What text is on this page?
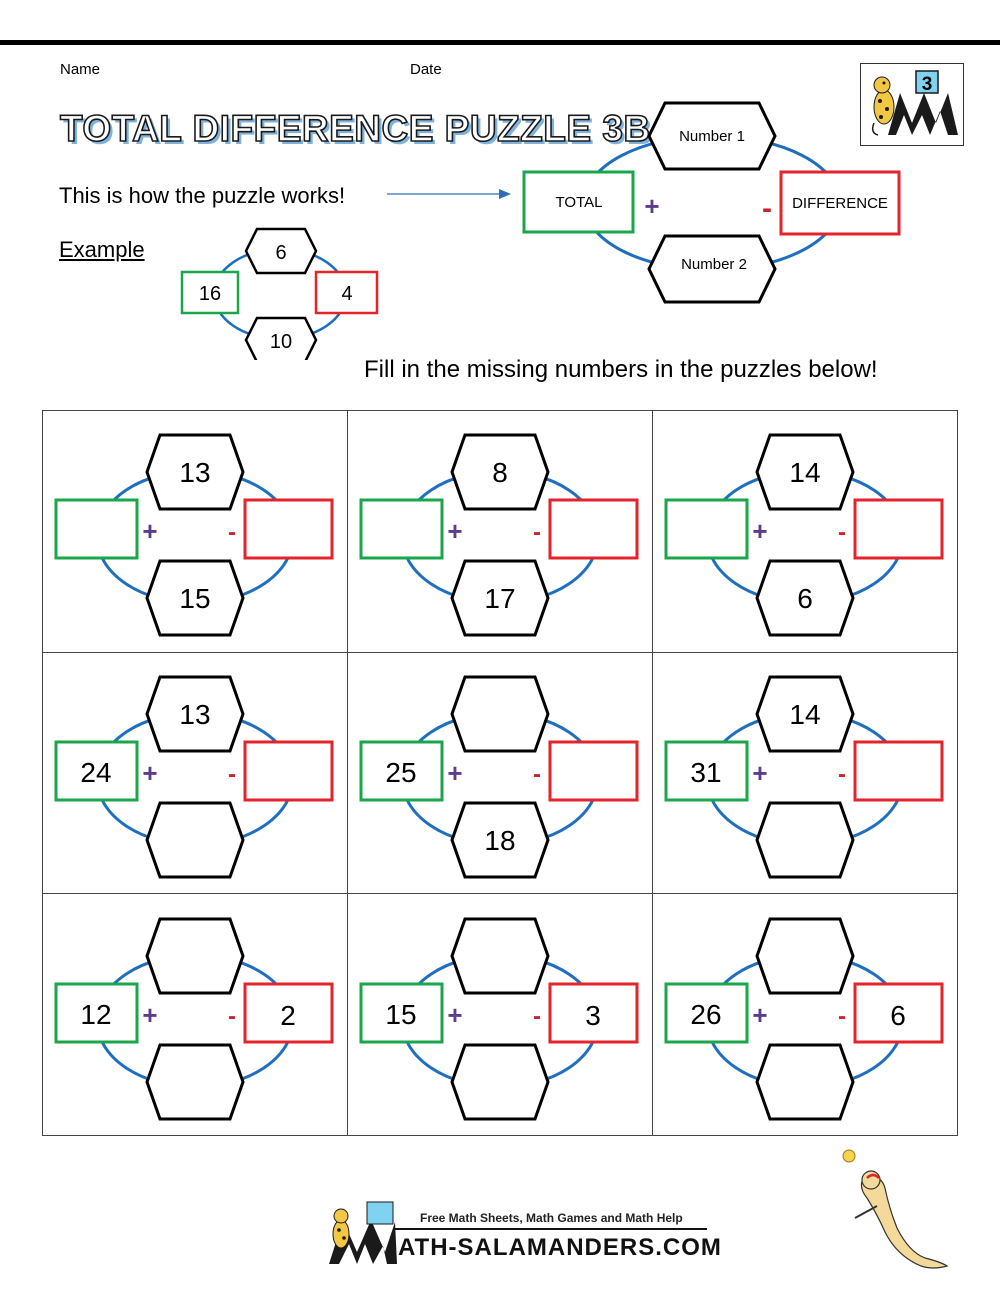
Name	Date
3
TOTAL DIFFERENCE PUZZLE 3B
This is how the puzzle works!
Number 1
Number 2
TOTAL	DIFFERENCE
+	-
Example	6
10
16	4
Fill in the missing numbers in the puzzles below!
13
15
+	-
8
17
+	-
14
6
+	-
13
24 +	-
18
25 +	-
14
31 +	-
12	2
+	-	15	3
+	-	26	6
+	-
Free Math Sheets, Math Games and Math Help
ATH-SALAMANDERS.COM
